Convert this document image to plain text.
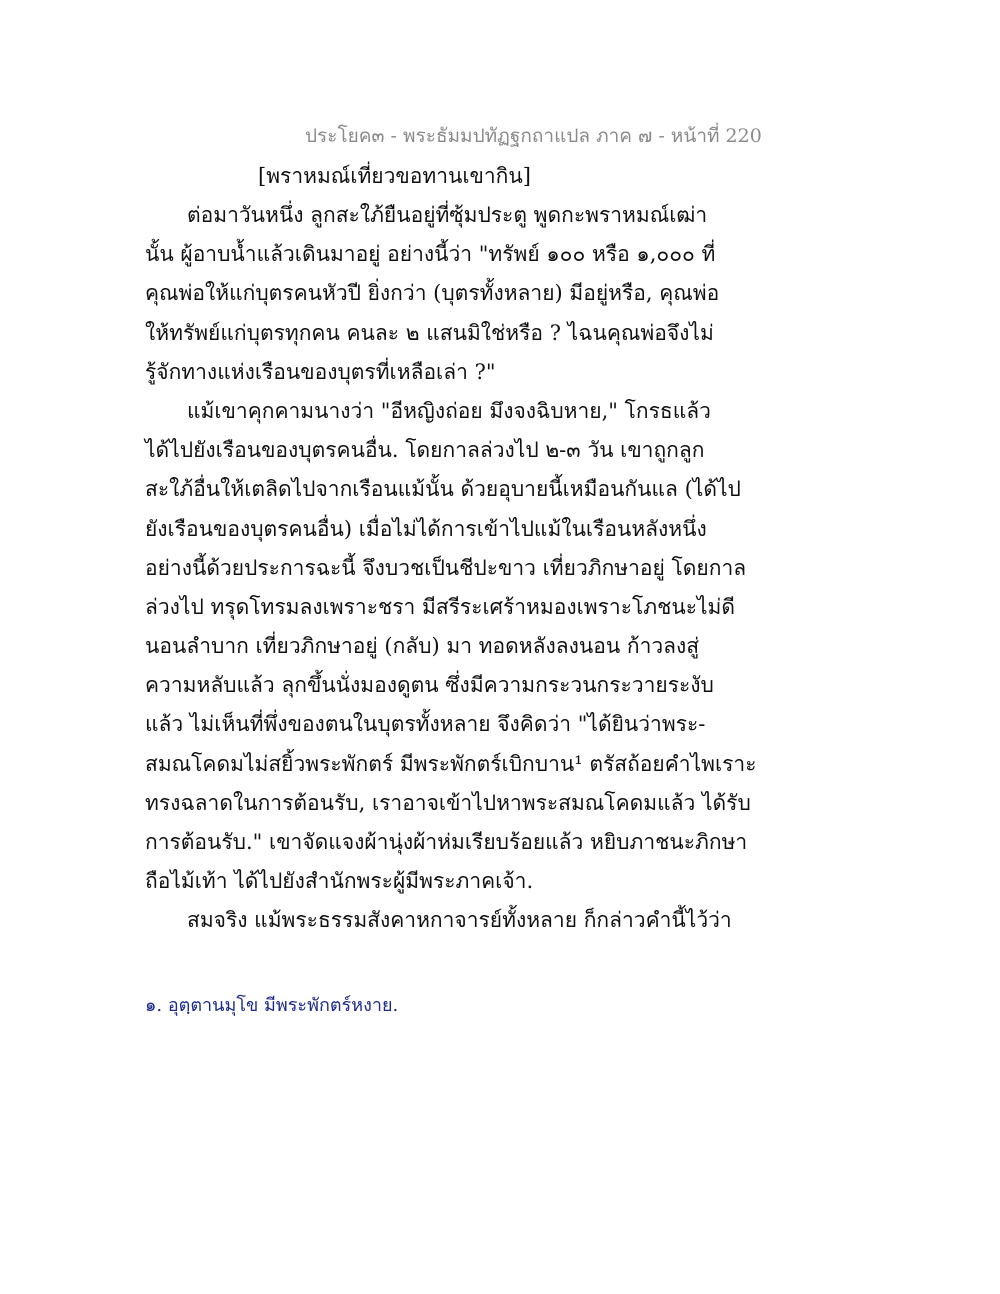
ประโยค๓ - พระธัมมปทัฏฐกถาแปล ภาค ๗ - หน้าที่ 220
[พราหมณ์เที่ยวขอทานเขากิน]
ต่อมาวันหนึ่ง ลูกสะใภ้ยืนอยู่ที่ซุ้มประตู พูดกะพราหมณ์เฒ่า
นั้น ผู้อาบน้ำแล้วเดินมาอยู่ อย่างนี้ว่า "ทรัพย์ ๑๐๐ หรือ ๑,๐๐๐ ที่
คุณพ่อให้แก่บุตรคนหัวปี ยิ่งกว่า (บุตรทั้งหลาย) มีอยู่หรือ, คุณพ่อ
ให้ทรัพย์แก่บุตรทุกคน คนละ ๒ แสนมิใช่หรือ ? ไฉนคุณพ่อจึงไม่
รู้จักทางแห่งเรือนของบุตรที่เหลือเล่า ?"
แม้เขาคุกคามนางว่า "อีหญิงถ่อย มึงจงฉิบหาย," โกรธแล้ว
ได้ไปยังเรือนของบุตรคนอื่น. โดยกาลล่วงไป ๒-๓ วัน เขาถูกลูก
สะใภ้อื่นให้เตลิดไปจากเรือนแม้นั้น ด้วยอุบายนี้เหมือนกันแล (ได้ไป
ยังเรือนของบุตรคนอื่น) เมื่อไม่ได้การเข้าไปแม้ในเรือนหลังหนึ่ง
อย่างนี้ด้วยประการฉะนี้ จึงบวชเป็นชีปะขาว เที่ยวภิกษาอยู่ โดยกาล
ล่วงไป ทรุดโทรมลงเพราะชรา มีสรีระเศร้าหมองเพราะโภชนะไม่ดี
นอนลำบาก เที่ยวภิกษาอยู่ (กลับ) มา ทอดหลังลงนอน ก้าวลงสู่
ความหลับแล้ว ลุกขึ้นนั่งมองดูตน ซึ่งมีความกระวนกระวายระงับ
แล้ว ไม่เห็นที่พึ่งของตนในบุตรทั้งหลาย จึงคิดว่า "ได้ยินว่าพระ-
สมณโคดมไม่สยิ้วพระพักตร์ มีพระพักตร์เบิกบาน¹ ตรัสถ้อยคำไพเราะ
ทรงฉลาดในการต้อนรับ, เราอาจเข้าไปหาพระสมณโคดมแล้ว ได้รับ
การต้อนรับ." เขาจัดแจงผ้านุ่งผ้าห่มเรียบร้อยแล้ว หยิบภาชนะภิกษา
ถือไม้เท้า ได้ไปยังสำนักพระผู้มีพระภาคเจ้า.
สมจริง แม้พระธรรมสังคาหกาจารย์ทั้งหลาย ก็กล่าวคำนี้ไว้ว่า
๑. อุตฺตานมุโข มีพระพักตร์หงาย.
